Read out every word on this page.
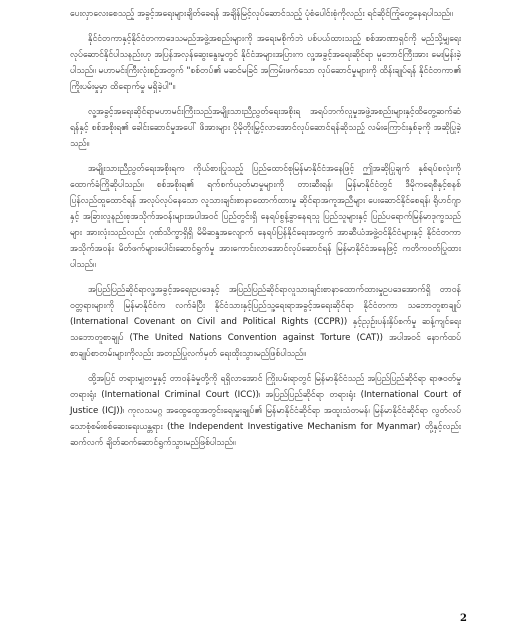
ပေးလှာလေးစေသည့် အခွင့်အရေးများချိတ်ခေရန် အချိန်မြင့်လုပ်ဆောင်သည့် ပုံစံပေါင်းစုံကိုလည်း ရင်ဆိုင်ကြုံတွေ့နေရပါသည်။

နိုင်ငံတကာနှင့်နိုင်ငံတကာဒေသမည်အဖွဲ့အစည်းများကို အရေးမစိုက်ဘဲ ပစ်ပယ်ထားသည့် စစ်အာဏာရှင်ကို မည်သို့မျှရေး လုပ်ဆောင်နိုင်ပါသနည်းဟု အပြန်အလှန်ဆွေးနွေးမှုတွင် နိုင်ငံအများအပြားက လူ့အခွင့်အရေးဆိုင်ရာ မူဘောင်ကြီးအား မေးမြန်းခဲ့ပါသည်။ မဟာမင်းကြီးလုံးစဉ်အတွက် "စစ်တပ်၏ မဆင်မခြင် အကြမ်းဖက်သော လုပ်ဆောင်မှုများကို ထိန်းချုပ်ရန် နိုင်ငံတကာ၏ ကြိုးပမ်းမှုမှာ ထိရောက်မှု မရှိခဲ့ပါ"။

လူ့အခွင့်အရေးဆိုင်ရာမဟာမင်းကြီးသည်အမျိုးသားညီညွတ်ရေးအစိုးရ အရပ်ဘက်လူမှုအဖွဲ့အစည်းများနှင့်ထိတွေ့ဆက်ဆံရန်နှင့် စစ်အစိုးရ၏ ခေါင်းဆောင်မှုအပေါ် ဖိအားများ ပိုမိုတိုးမြှင့်လာအောင်လုပ်ဆောင်ရန်ဆိုသည့် လမ်းကြောင်းနှစ်ခုကို အဆိုပြုခဲ့သည်။

အမျိုးသားညီညွတ်ရေးအစိုးရက ကိုယ်စားပြုသည့် ပြည်ထောင်စုမြန်မာနိုင်ငံအနေဖြင့် ဤအဆိုပြုချက် နှစ်ရပ်စလုံးကို ထောက်ခံကြိုဆိုပါသည်။ စစ်အစိုးရ၏ ရက်စက်ယုတ်မာမှုများကို တားဆီးရန်၊ မြန်မာနိုင်ငံတွင် ဒီမိုကရေစီနှင့်စနစ်ပြန်လည်ထူထောင်ရန် အလုပ်လုပ်နေသော လူသားချင်းစာနာထောက်ထားမှု ဆိုင်ရာအကူအညီများ ပေးဆောင်နိုင်စေရန်၊ ရိုဟင်ဂျာနှင့် အခြားလူနည်းစုအသိုက်အဝန်းများအပါအဝင် ပြည်တွင်းရှိ နေရပ်စွန့်ခွာနေရသူ ပြည်သူများနှင့် ပြည်ပရောက်မြန်မာဒုက္ခသည်များ အားလုံးသည်လည်း ဂုဏ်သိက္ခာရှိရှိ မိမိဆန္ဒအလျောက် နေရပ်ပြန်နိုင်ရေးအတွက် အာဆီယံအဖွဲ့ဝင်နိုင်ငံများနှင့် နိုင်ငံတကာအသိုက်အဝန်း မိတ်ဖက်များပေါင်းဆောင်ရွက်မှု အားကောင်းလာအောင်လုပ်ဆောင်ရန် မြန်မာနိုင်ငံအနေဖြင့် ကတိကဝတ်ပြုထားပါသည်။

အပြည်ပြည်ဆိုင်ရာလူ့အခွင့်အရေးဥပဒေနှင့် အပြည်ပြည်ဆိုင်ရာလူသားချင်းစာနာထောက်ထားမှုဥပဒေအောက်ရှိ တာဝန်ဝတ္တရားများကို မြန်မာနိုင်ငံက လက်ခံပြီး နိုင်ငံသားနှင့်ပြည်သူ့ရေးရာအခွင့်အရေးဆိုင်ရာ နိုင်ငံတကာ သဘောတူစာချုပ် (International Covenant on Civil and Political Rights (CCPR)) နှင့်ညှဉ်းပန်းနှိပ်စက်မှု ဆန့်ကျင်ရေးသဘောတူစာချုပ် (The United Nations Convention against Torture (CAT)) အပါအဝင် နောက်ထပ်စာချုပ်စာတမ်းများကိုလည်း အတည်ပြုလက်မှတ် ရေးထိုးသွားမည်ဖြစ်ပါသည်။

ထို့အပြင် တရားမျှတမှုနှင့် တာဝန်ခံမှုတို့ကို ရရှိလာအောင် ကြိုးပမ်းရာတွင် မြန်မာနိုင်ငံသည် အပြည်ပြည်ဆိုင်ရာ ရာဇဝတ်မှုတရားရုံး (International Criminal Court (ICC))၊ အပြည်ပြည်ဆိုင်ရာ တရားရုံး (International Court of Justice (ICJ))၊ ကုလသမဂ္ဂ အထွေထွေအတွင်းရေးမှူးချုပ်၏ မြန်မာနိုင်ငံဆိုင်ရာ အထူးသံတမန်၊ မြန်မာနိုင်ငံဆိုင်ရာ လွတ်လပ်သောစုံစမ်းစစ်ဆေးရေးယန္တရား (the Independent Investigative Mechanism for Myanmar) တို့နှင့်လည်း ဆက်လက် ချိတ်ဆက်ဆောင်ရွက်သွားမည်ဖြစ်ပါသည်။

2
